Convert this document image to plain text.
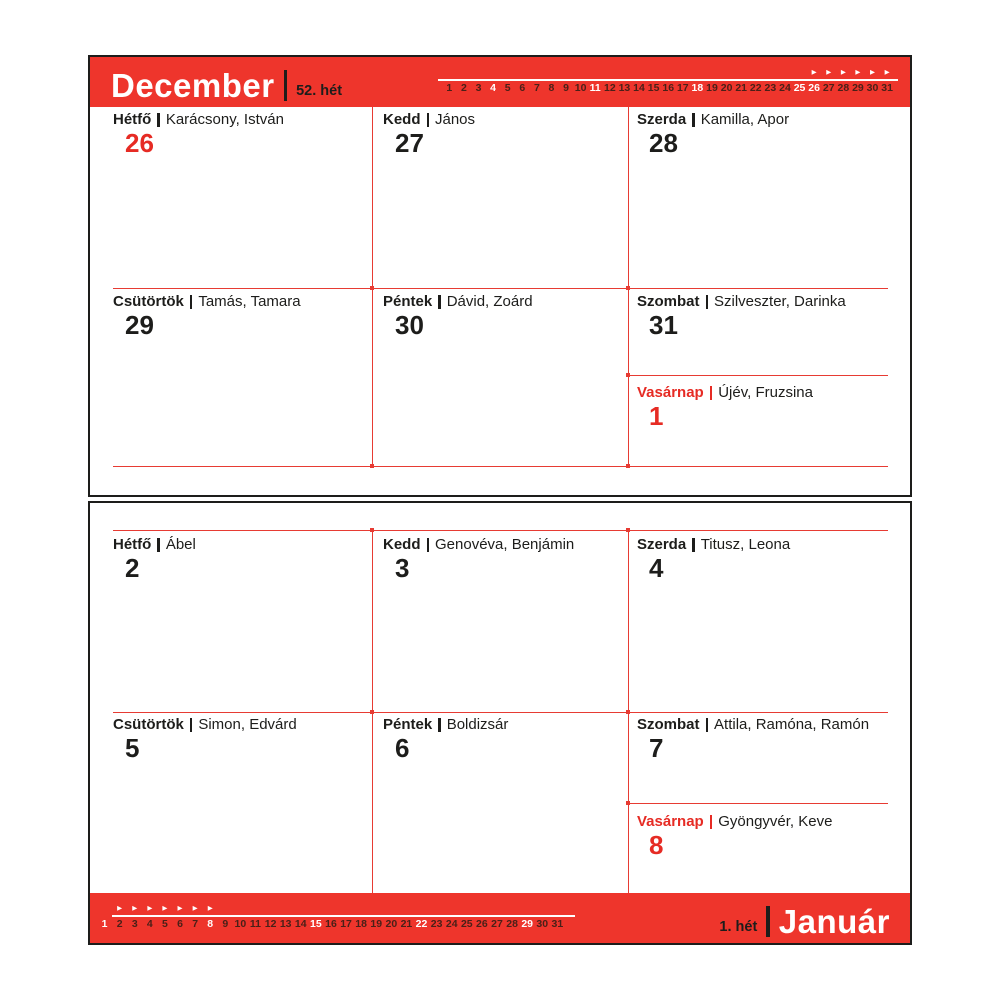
December 52. hét	1 2 3 4 5 6 7 8 9 10 11 12 13 14 15 16 17 18 19 20 21 22 23 24 25
▶
26
▶
27
▶
28
▶
29
▶
30
▶
31
Hétfő Karácsony, István
26
Kedd János
27
Szerda Kamilla, Apor
28
Csütörtök Tamás, Tamara
29
Péntek Dávid, Zoárd
30
Szombat Szilveszter, Darinka
31
Vasárnap Újév, Fruzsina
1
Hétfő Ábel
2
Kedd Genovéva, Benjámin
3
Szerda Titusz, Leona
4
Csütörtök Simon, Edvárd
5
Péntek Boldizsár
6
Szombat Attila, Ramóna, Ramón
7
Vasárnap Gyöngyvér, Keve
8
1
▶
2
▶
3
▶
4
▶
5
▶
6
▶
7
▶
8 9 10 11 12 13 14 15 16 17 18 19 20 21 22 23 24 25 26 27 28 29 30 31	1. hét Január
